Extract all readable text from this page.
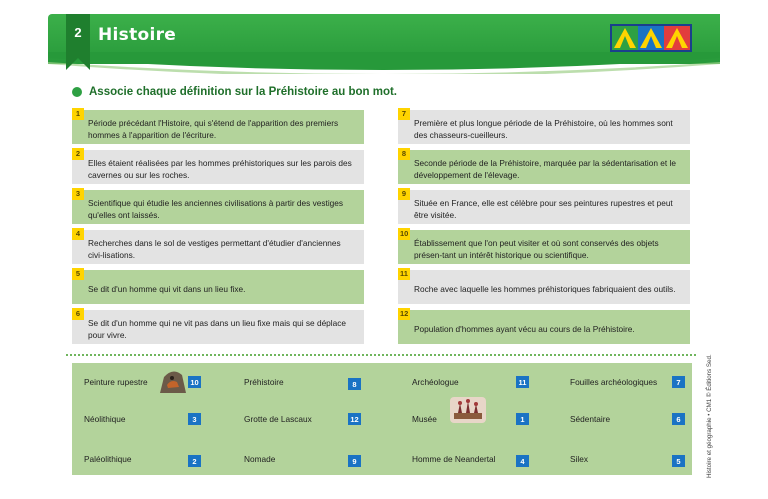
2 Histoire
Associe chaque définition sur la Préhistoire au bon mot.
1
Période précédant l'Histoire, qui s'étend de l'apparition des premiers hommes à l'apparition de l'écriture.
2
Elles étaient réalisées par les hommes préhistoriques sur les parois des cavernes ou sur les roches.
3
Scientifique qui étudie les anciennes civilisations à partir des vestiges qu'elles ont laissés.
4
Recherches dans le sol de vestiges permettant d'étudier d'anciennes civi-lisations.
5
Se dit d'un homme qui vit dans un lieu fixe.
6
Se dit d'un homme qui ne vit pas dans un lieu fixe mais qui se déplace pour vivre.
7
Première et plus longue période de la Préhistoire, où les hommes sont des chasseurs-cueilleurs.
8
Seconde période de la Préhistoire, marquée par la sédentarisation et le développement de l'élevage.
9
Située en France, elle est célèbre pour ses peintures rupestres et peut être visitée.
10
Établissement que l'on peut visiter et où sont conservés des objets présen-tant un intérêt historique ou scientifique.
11
Roche avec laquelle les hommes préhistoriques fabriquaient des outils.
12
Population d'hommes ayant vécu au cours de la Préhistoire.
Peinture rupestre	10	Préhistoire	8	Archéologue	11	Fouilles archéologiques	7
Néolithique	3	Grotte de Lascaux	12	Musée	1	Sédentaire	6
Paléolithique	2	Nomade	9	Homme de Neandertal	4	Silex	5	Histoire et géographie • CM1 © Éditions Sed.
